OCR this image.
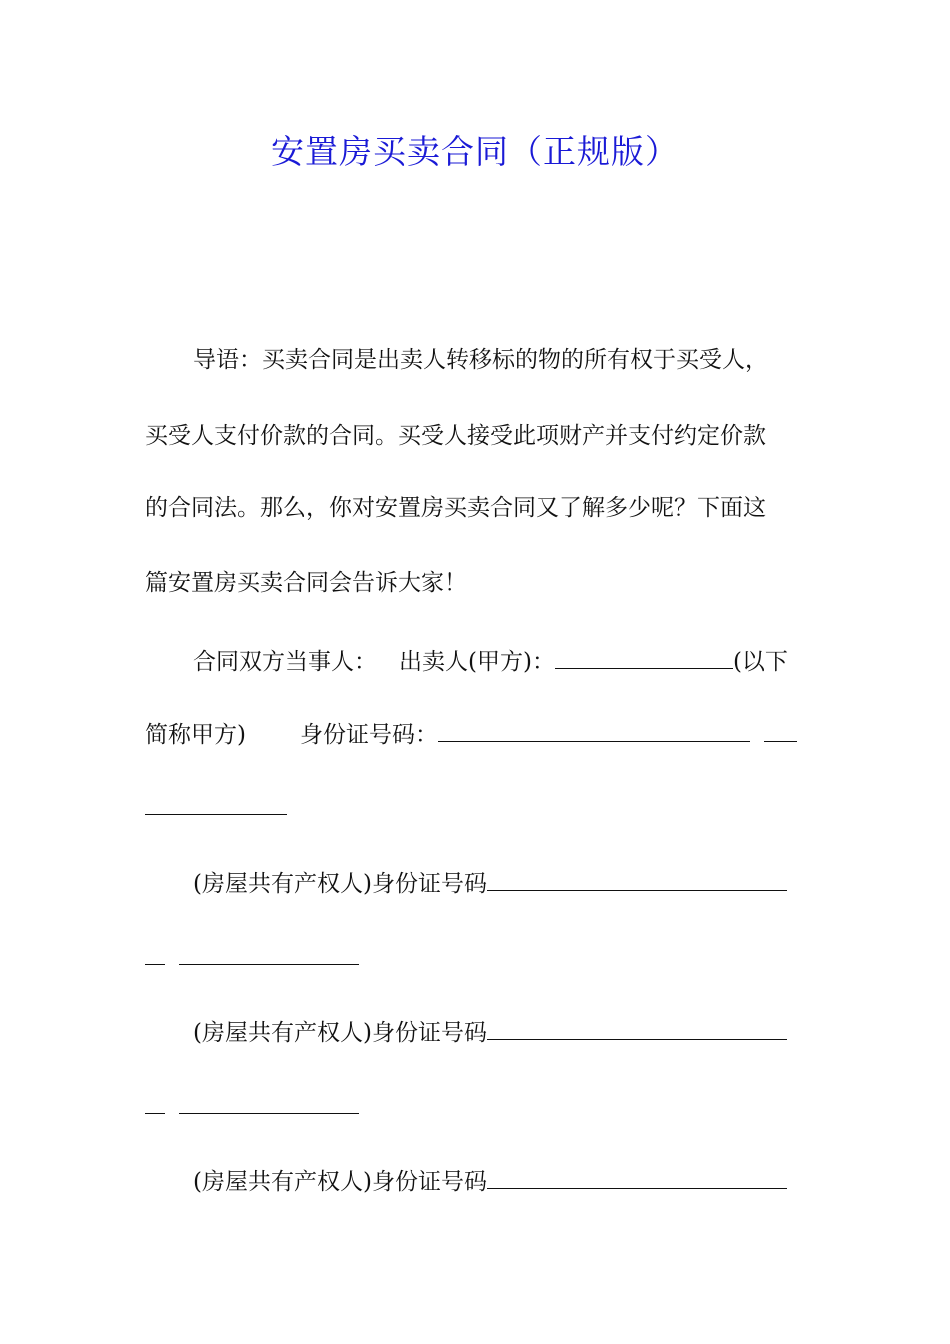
安置房买卖合同（正规版）
导语：买卖合同是出卖人转移标的物的所有权于买受人，
买受人支付价款的合同。买受人接受此项财产并支付约定价款
的合同法。那么，你对安置房买卖合同又了解多少呢？下面这
篇安置房买卖合同会告诉大家！
合同双方当事人： 出卖人(甲方)：	(以下
简称甲方) 身份证号码：
(房屋共有产权人)身份证号码
(房屋共有产权人)身份证号码
(房屋共有产权人)身份证号码
